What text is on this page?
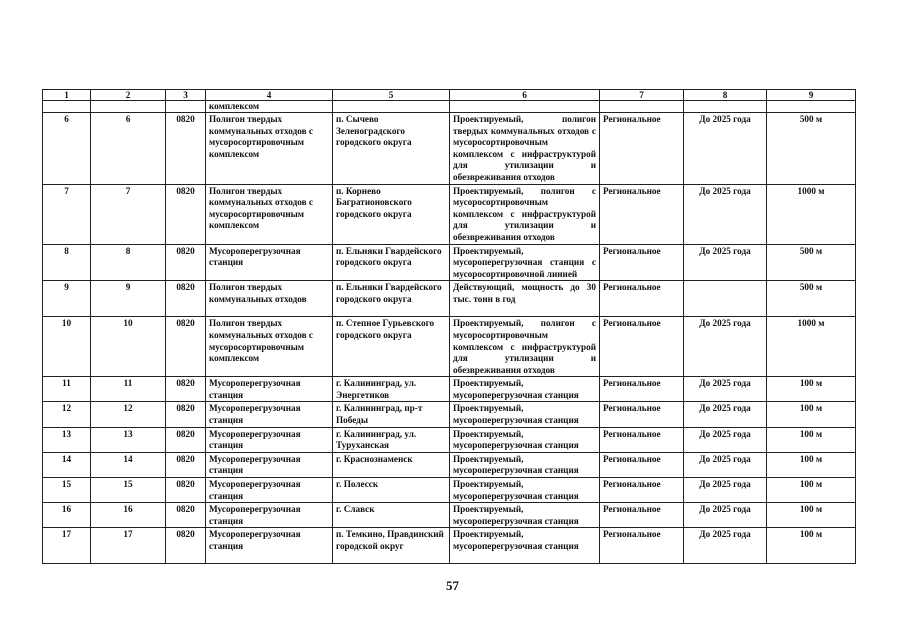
1	2	3	4	5	6	7	8	9
			комплексом					
6	6	0820	Полигон твердых коммунальных отходов с мусоросортировочным комплексом	п. Сычево Зеленоградского городского округа	Проектируемый, полигон твердых коммунальных отходов с мусоросортировочным комплексом с инфраструктурой для утилизации и обезвреживания отходов	Региональное	До 2025 года	500 м
7	7	0820	Полигон твердых коммунальных отходов с мусоросортировочным комплексом	п. Корнево Багратионовского городского округа	Проектируемый, полигон с мусоросортировочным комплексом с инфраструктурой для утилизации и обезвреживания отходов	Региональное	До 2025 года	1000 м
8	8	0820	Мусороперегрузочная станция	п. Ельняки Гвардейского городского округа	Проектируемый, мусороперегрузочная станция с мусоросортировочной линией	Региональное	До 2025 года	500 м
9	9	0820	Полигон твердых коммунальных отходов	п. Ельняки Гвардейского городского округа	Действующий, мощность до 30 тыс. тонн в год	Региональное		500 м
10	10	0820	Полигон твердых коммунальных отходов с мусоросортировочным комплексом	п. Степное Гурьевского городского округа	Проектируемый, полигон с мусоросортировочным комплексом с инфраструктурой для утилизации и обезвреживания отходов	Региональное	До 2025 года	1000 м
11	11	0820	Мусороперегрузочная станция	г. Калининград, ул. Энергетиков	Проектируемый, мусороперегрузочная станция	Региональное	До 2025 года	100 м
12	12	0820	Мусороперегрузочная станция	г. Калининград, пр-т Победы	Проектируемый, мусороперегрузочная станция	Региональное	До 2025 года	100 м
13	13	0820	Мусороперегрузочная станция	г. Калининград, ул. Туруханская	Проектируемый, мусороперегрузочная станция	Региональное	До 2025 года	100 м
14	14	0820	Мусороперегрузочная станция	г. Краснознаменск	Проектируемый, мусороперегрузочная станция	Региональное	До 2025 года	100 м
15	15	0820	Мусороперегрузочная станция	г. Полесск	Проектируемый, мусороперегрузочная станция	Региональное	До 2025 года	100 м
16	16	0820	Мусороперегрузочная станция	г. Славск	Проектируемый, мусороперегрузочная станция	Региональное	До 2025 года	100 м
17	17	0820	Мусороперегрузочная станция	п. Темкино, Правдинский городской округ	Проектируемый, мусороперегрузочная станция	Региональное	До 2025 года	100 м
57
